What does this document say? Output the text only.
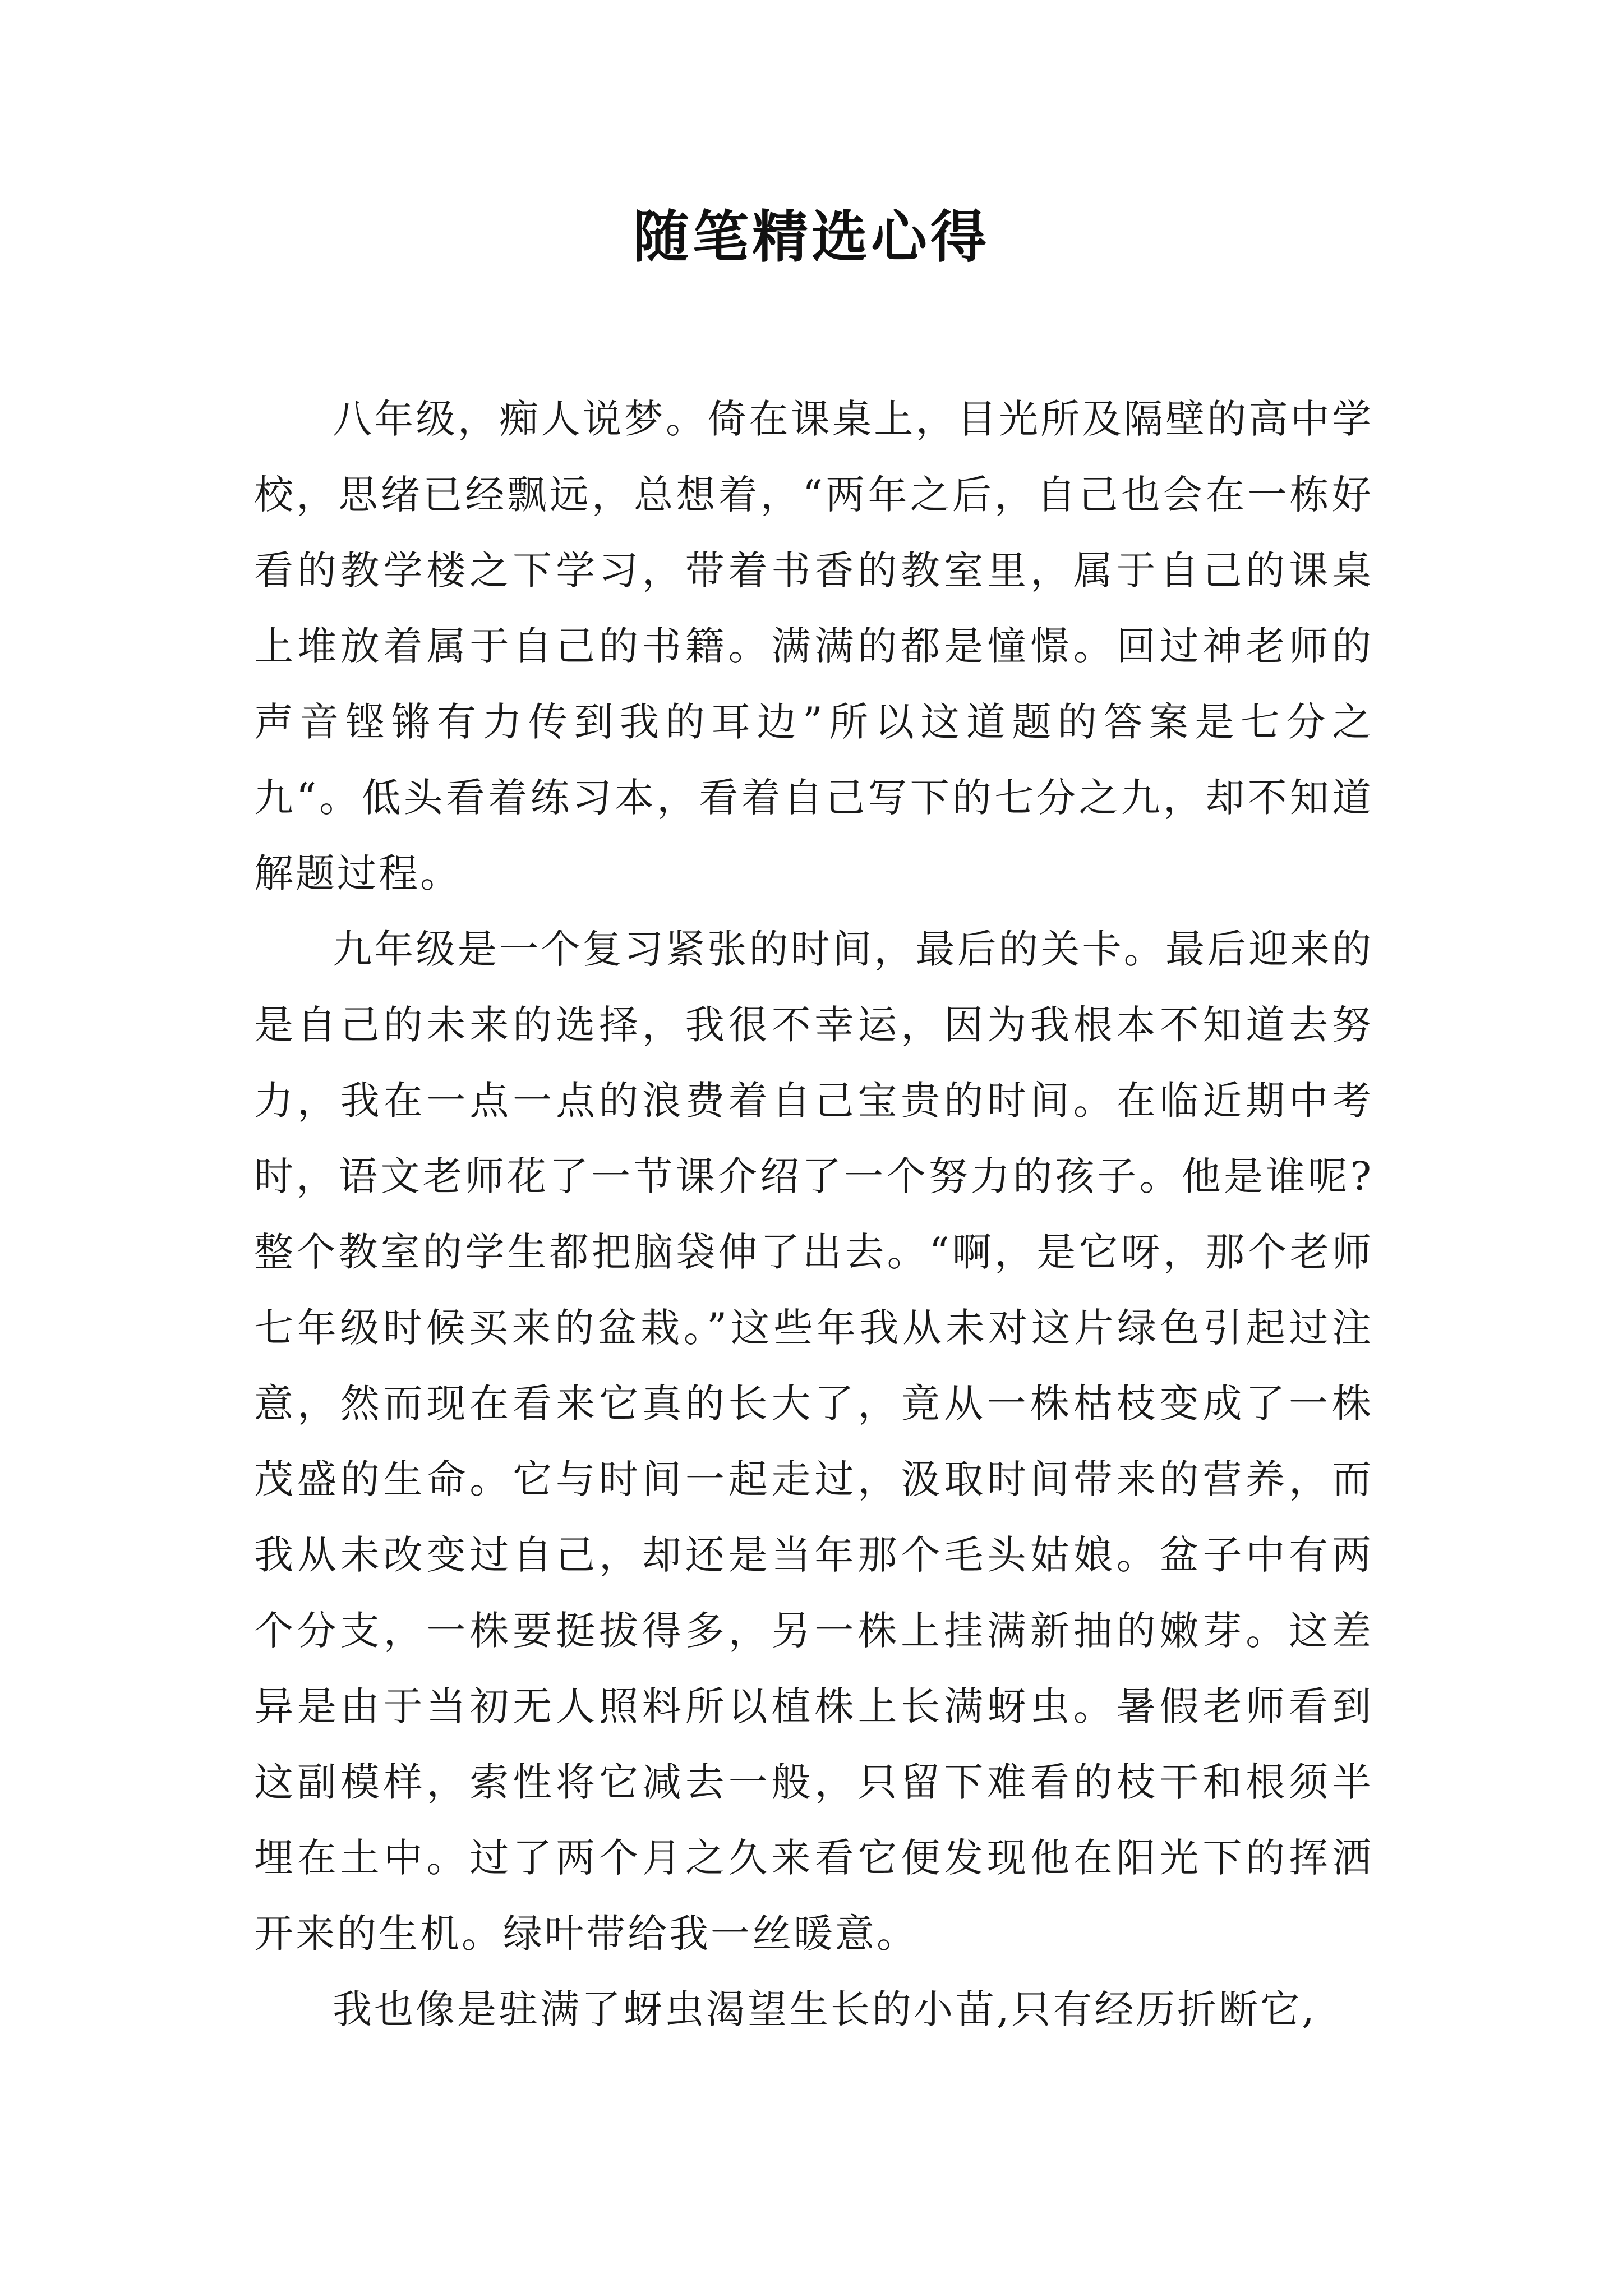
随笔精选心得

八年级，痴人说梦。倚在课桌上，目光所及隔壁的高中学校，思绪已经飘远，总想着，“两年之后，自己也会在一栋好看的教学楼之下学习，带着书香的教室里，属于自己的课桌上堆放着属于自己的书籍。满满的都是憧憬。回过神老师的声音铿锵有力传到我的耳边”所以这道题的答案是七分之九“。低头看着练习本，看着自己写下的七分之九，却不知道解题过程。

九年级是一个复习紧张的时间，最后的关卡。最后迎来的是自己的未来的选择，我很不幸运，因为我根本不知道去努力，我在一点一点的浪费着自己宝贵的时间。在临近期中考时，语文老师花了一节课介绍了一个努力的孩子。他是谁呢?整个教室的学生都把脑袋伸了出去。“啊，是它呀，那个老师七年级时候买来的盆栽。”这些年我从未对这片绿色引起过注意，然而现在看来它真的长大了，竟从一株枯枝变成了一株茂盛的生命。它与时间一起走过，汲取时间带来的营养，而我从未改变过自己，却还是当年那个毛头姑娘。盆子中有两个分支，一株要挺拔得多，另一株上挂满新抽的嫩芽。这差异是由于当初无人照料所以植株上长满蚜虫。暑假老师看到这副模样，索性将它减去一般，只留下难看的枝干和根须半埋在土中。过了两个月之久来看它便发现他在阳光下的挥洒开来的生机。绿叶带给我一丝暖意。

我也像是驻满了蚜虫渴望生长的小苗,只有经历折断它,
